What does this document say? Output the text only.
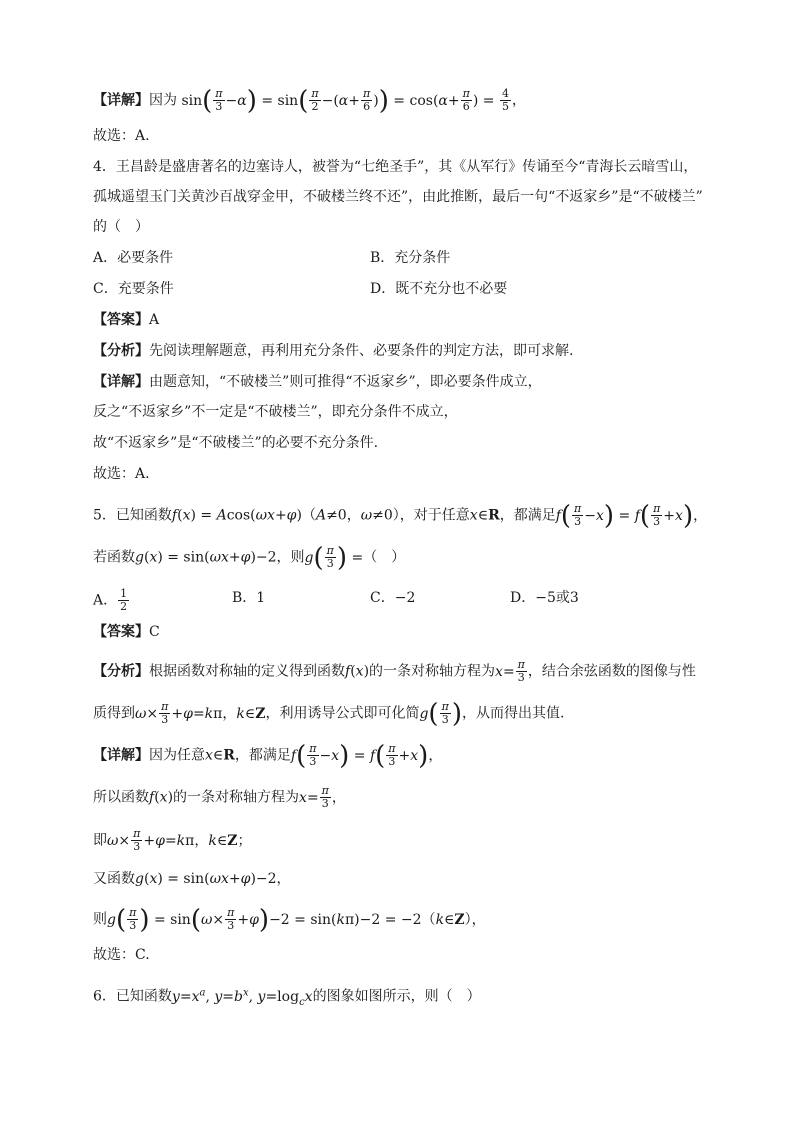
【详解】因为 $\sin( \frac{\pi}{3} -\alpha) = \sin( \frac{\pi}{2} -(\alpha+ \frac{\pi}{6}$ )) = $\cos(\alpha+ \frac{\pi}{6}$ ) = $\frac{4}{5}$ ，
故选：A.
4．王昌龄是盛唐著名的边塞诗人，被誉为“七绝圣手”，其《从军行》传诵至今“青海长云暗雪山，
孤城遥望玉门关黄沙百战穿金甲，不破楼兰终不还”，由此推断，最后一句“不返家乡”是“不破楼兰”
的（　）
A．必要条件	B．充分条件
C．充要条件	D．既不充分也不必要
【答案】A
【分析】先阅读理解题意，再利用充分条件、必要条件的判定方法，即可求解.
【详解】由题意知，“不破楼兰”则可推得“不返家乡”，即必要条件成立，
反之“不返家乡”不一定是“不破楼兰”，即充分条件不成立，
故“不返家乡”是“不破楼兰”的必要不充分条件.
故选：A.
5．已知函数f(x) = Acos(ωx+φ)（A≠0，ω≠0），对于任意x∈R，都满足$f( \frac{\pi}{3} -x) = f( \frac{\pi}{3} +x)$，
若函数g(x) = sin(ωx+φ)−2，则$g( \frac{\pi}{3}$ ) =（　）
A． $\frac{1}{2}$	B．1	C．−2	D．−5或3
【答案】C
【分析】根据函数对称轴的定义得到函数f(x)的一条对称轴方程为$x= \frac{\pi}{3}$ ，结合余弦函数的图像与性
质得到$\omega\times \frac{\pi}{3} +\varphi=k\pi$，k∈Z，利用诱导公式即可化简$g( \frac{\pi}{3}$ )，从而得出其值.
【详解】因为任意x∈R，都满足$f( \frac{\pi}{3} -x) = f( \frac{\pi}{3} +x)$，
所以函数f(x)的一条对称轴方程为$x= \frac{\pi}{3}$ ，
即$\omega\times \frac{\pi}{3} +\varphi=k\pi$，k∈Z；
又函数g(x) = sin(ωx+φ)−2，
则$g( \frac{\pi}{3}$ ) = $\sin(\omega\times \frac{\pi}{3} +\varphi)-2 = \sin(k\pi)-2$ = −2（k∈Z），
故选：C.
6．已知函数$y=x^a$, $y=b^x$, $y=\log_cx$的图象如图所示，则（　）
